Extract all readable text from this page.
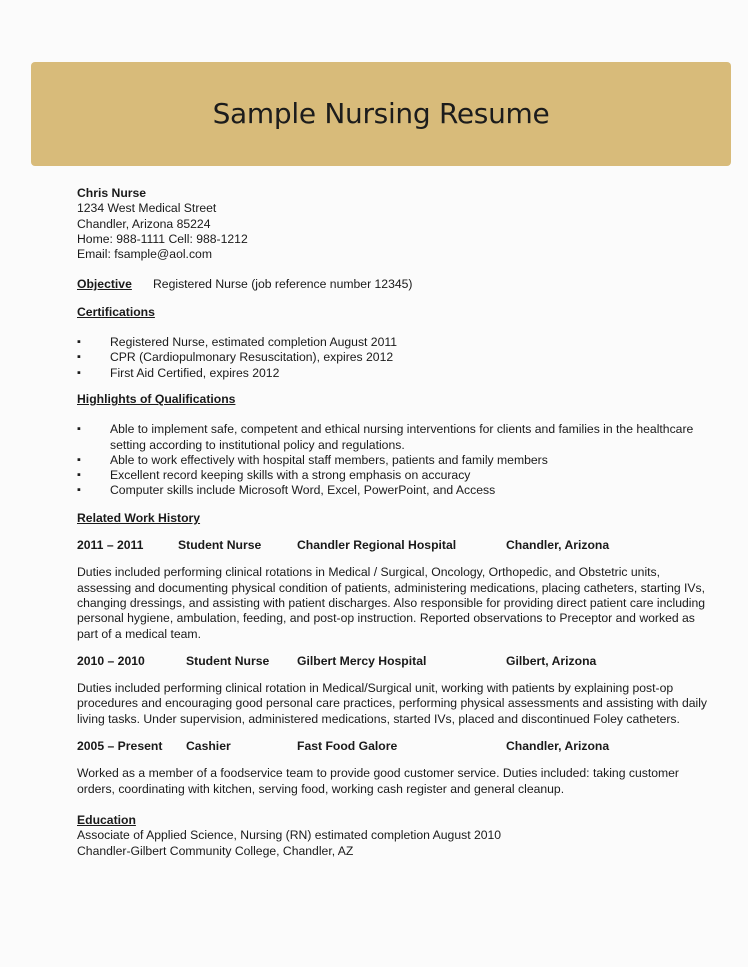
Sample Nursing Resume
Chris Nurse
1234 West Medical Street
Chandler, Arizona 85224
Home: 988-1111 Cell: 988-1212
Email: fsample@aol.com
Objective Registered Nurse (job reference number 12345)
Certifications
▪ Registered Nurse, estimated completion August 2011
▪ CPR (Cardiopulmonary Resuscitation), expires 2012
▪ First Aid Certified, expires 2012
Highlights of Qualifications
▪ Able to implement safe, competent and ethical nursing interventions for clients and families in the healthcare setting according to institutional policy and regulations.
▪ Able to work effectively with hospital staff members, patients and family members
▪ Excellent record keeping skills with a strong emphasis on accuracy
▪ Computer skills include Microsoft Word, Excel, PowerPoint, and Access
Related Work History
2011 – 2011	Student Nurse	Chandler Regional Hospital	Chandler, Arizona
Duties included performing clinical rotations in Medical / Surgical, Oncology, Orthopedic, and Obstetric units, assessing and documenting physical condition of patients, administering medications, placing catheters, starting IVs, changing dressings, and assisting with patient discharges. Also responsible for providing direct patient care including personal hygiene, ambulation, feeding, and post-op instruction. Reported observations to Preceptor and worked as part of a medical team.
2010 – 2010	Student Nurse	Gilbert Mercy Hospital	Gilbert, Arizona
Duties included performing clinical rotation in Medical/Surgical unit, working with patients by explaining post-op procedures and encouraging good personal care practices, performing physical assessments and assisting with daily living tasks. Under supervision, administered medications, started IVs, placed and discontinued Foley catheters.
2005 – Present	Cashier	Fast Food Galore	Chandler, Arizona
Worked as a member of a foodservice team to provide good customer service. Duties included: taking customer orders, coordinating with kitchen, serving food, working cash register and general cleanup.
Education
Associate of Applied Science, Nursing (RN) estimated completion August 2010
Chandler-Gilbert Community College, Chandler, AZ
